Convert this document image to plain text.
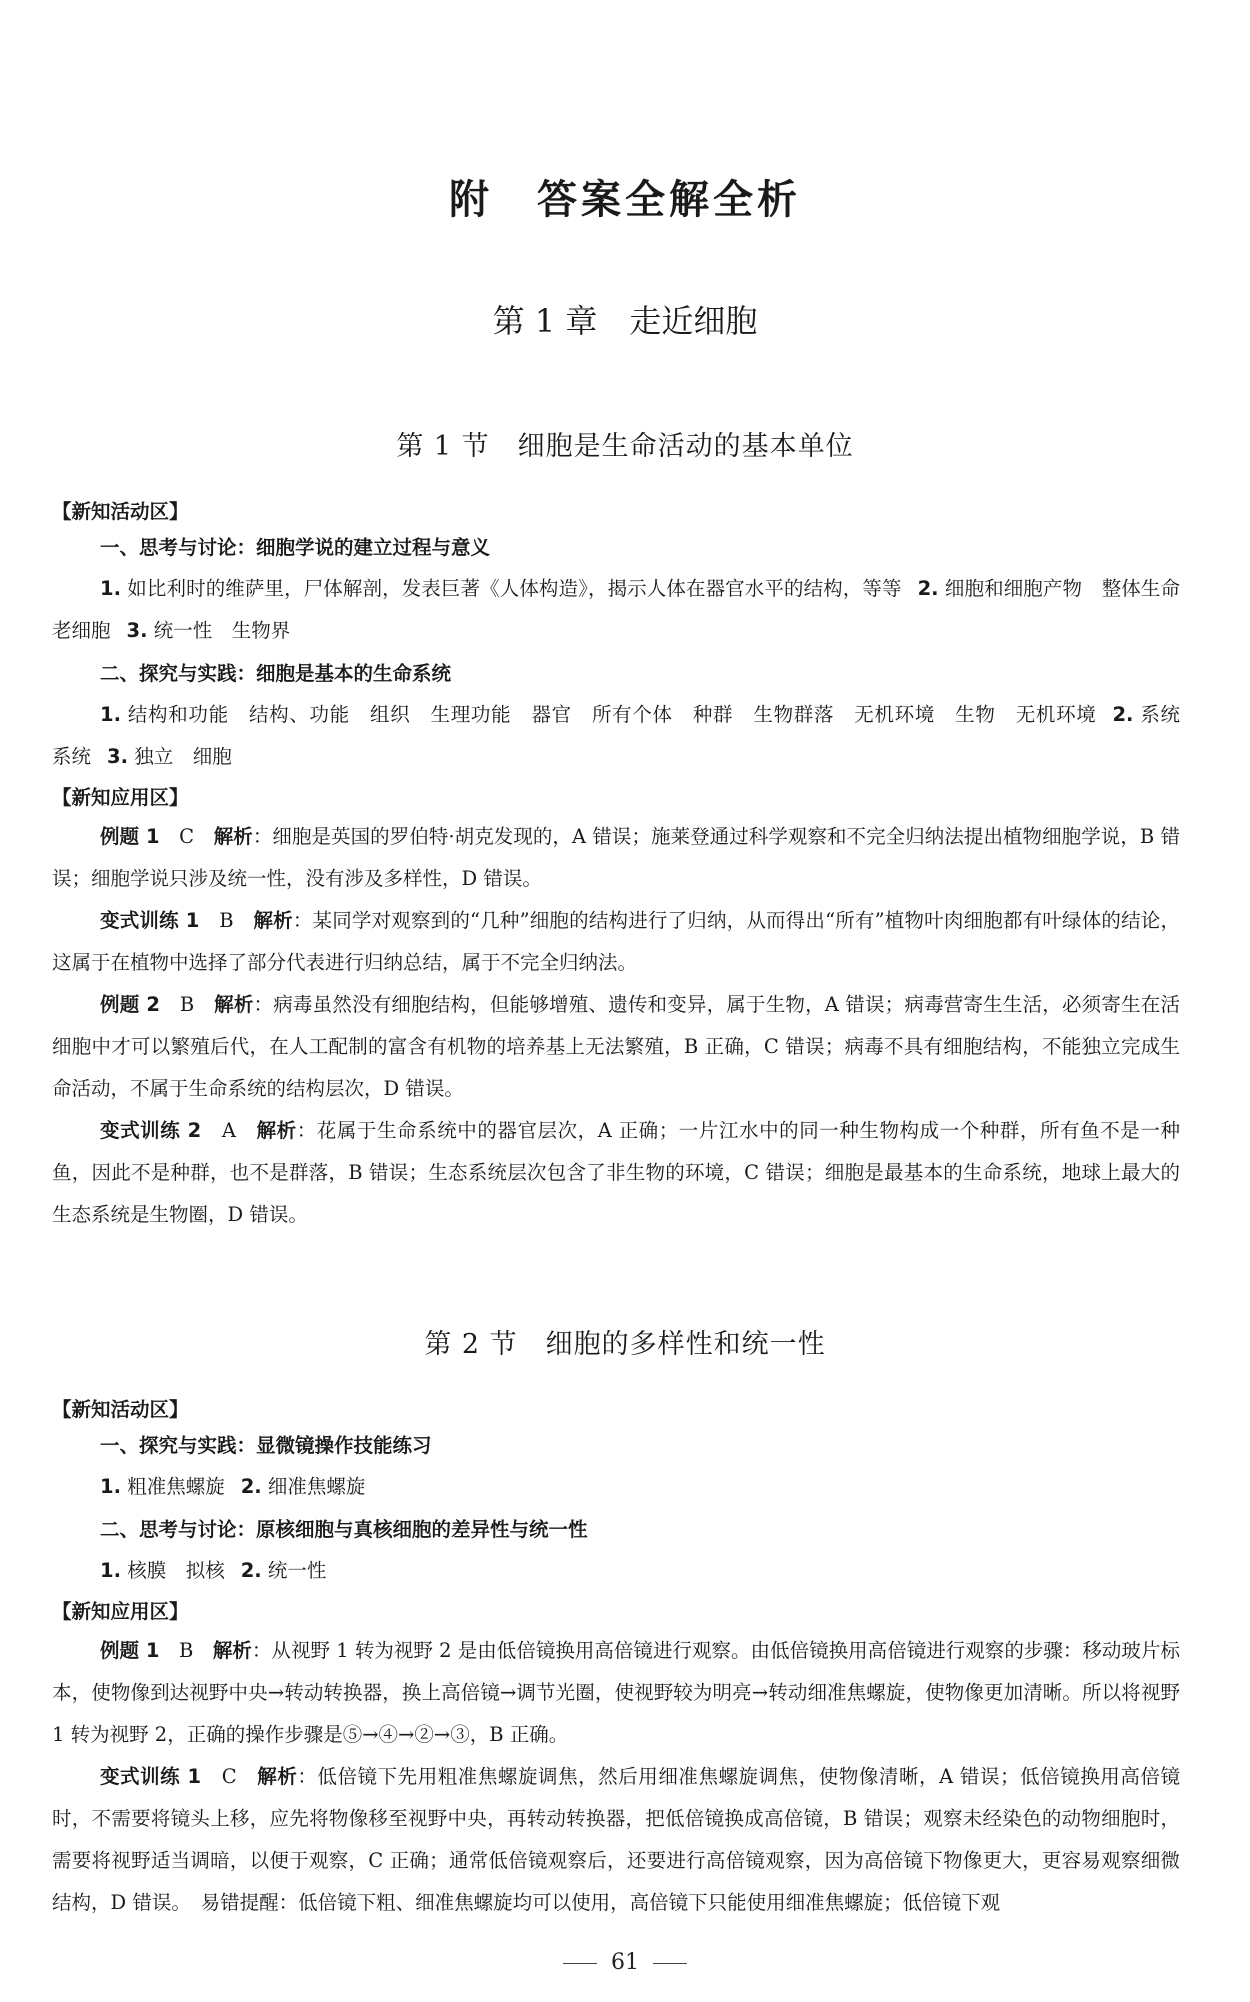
附　答案全解全析
第 1 章　走近细胞
第 1 节　细胞是生命活动的基本单位
【新知活动区】
一、思考与讨论：细胞学说的建立过程与意义

1. 如比利时的维萨里，尸体解剖，发表巨著《人体构造》，揭示人体在器官水平的结构，等等 2. 细胞和细胞产物　整体生命　老细胞 3. 统一性　生物界

二、探究与实践：细胞是基本的生命系统

1. 结构和功能　结构、功能　组织　生理功能　器官　所有个体　种群　生物群落　无机环境　生物　无机环境 2. 系统　系统 3. 独立　细胞

【新知应用区】

例题 1　 C　 解析：细胞是英国的罗伯特·胡克发现的，A 错误；施莱登通过科学观察和不完全归纳法提出植物细胞学说，B 错误；细胞学说只涉及统一性，没有涉及多样性，D 错误。

变式训练 1　 B　 解析：某同学对观察到的“几种”细胞的结构进行了归纳，从而得出“所有”植物叶肉细胞都有叶绿体的结论，这属于在植物中选择了部分代表进行归纳总结，属于不完全归纳法。

例题 2　 B　 解析：病毒虽然没有细胞结构，但能够增殖、遗传和变异，属于生物，A 错误；病毒营寄生生活，必须寄生在活细胞中才可以繁殖后代，在人工配制的富含有机物的培养基上无法繁殖，B 正确，C 错误；病毒不具有细胞结构，不能独立完成生命活动，不属于生命系统的结构层次，D 错误。

变式训练 2　 A　 解析：花属于生命系统中的器官层次，A 正确；一片江水中的同一种生物构成一个种群，所有鱼不是一种鱼，因此不是种群，也不是群落，B 错误；生态系统层次包含了非生物的环境，C 错误；细胞是最基本的生命系统，地球上最大的生态系统是生物圈，D 错误。

第 2 节　细胞的多样性和统一性
【新知活动区】
一、探究与实践：显微镜操作技能练习

1. 粗准焦螺旋 2. 细准焦螺旋

二、思考与讨论：原核细胞与真核细胞的差异性与统一性

1. 核膜　拟核 2. 统一性

【新知应用区】

例题 1　 B　 解析：从视野 1 转为视野 2 是由低倍镜换用高倍镜进行观察。由低倍镜换用高倍镜进行观察的步骤：移动玻片标本，使物像到达视野中央→转动转换器，换上高倍镜→调节光圈，使视野较为明亮→转动细准焦螺旋，使物像更加清晰。所以将视野 1 转为视野 2，正确的操作步骤是⑤→④→②→③，B 正确。

变式训练 1　 C　 解析：低倍镜下先用粗准焦螺旋调焦，然后用细准焦螺旋调焦，使物像清晰，A 错误；低倍镜换用高倍镜时，不需要将镜头上移，应先将物像移至视野中央，再转动转换器，把低倍镜换成高倍镜，B 错误；观察未经染色的动物细胞时，需要将视野适当调暗，以便于观察，C 正确；通常低倍镜观察后，还要进行高倍镜观察，因为高倍镜下物像更大，更容易观察细微结构，D 错误。　 易错提醒：低倍镜下粗、细准焦螺旋均可以使用，高倍镜下只能使用细准焦螺旋；低倍镜下观

61
